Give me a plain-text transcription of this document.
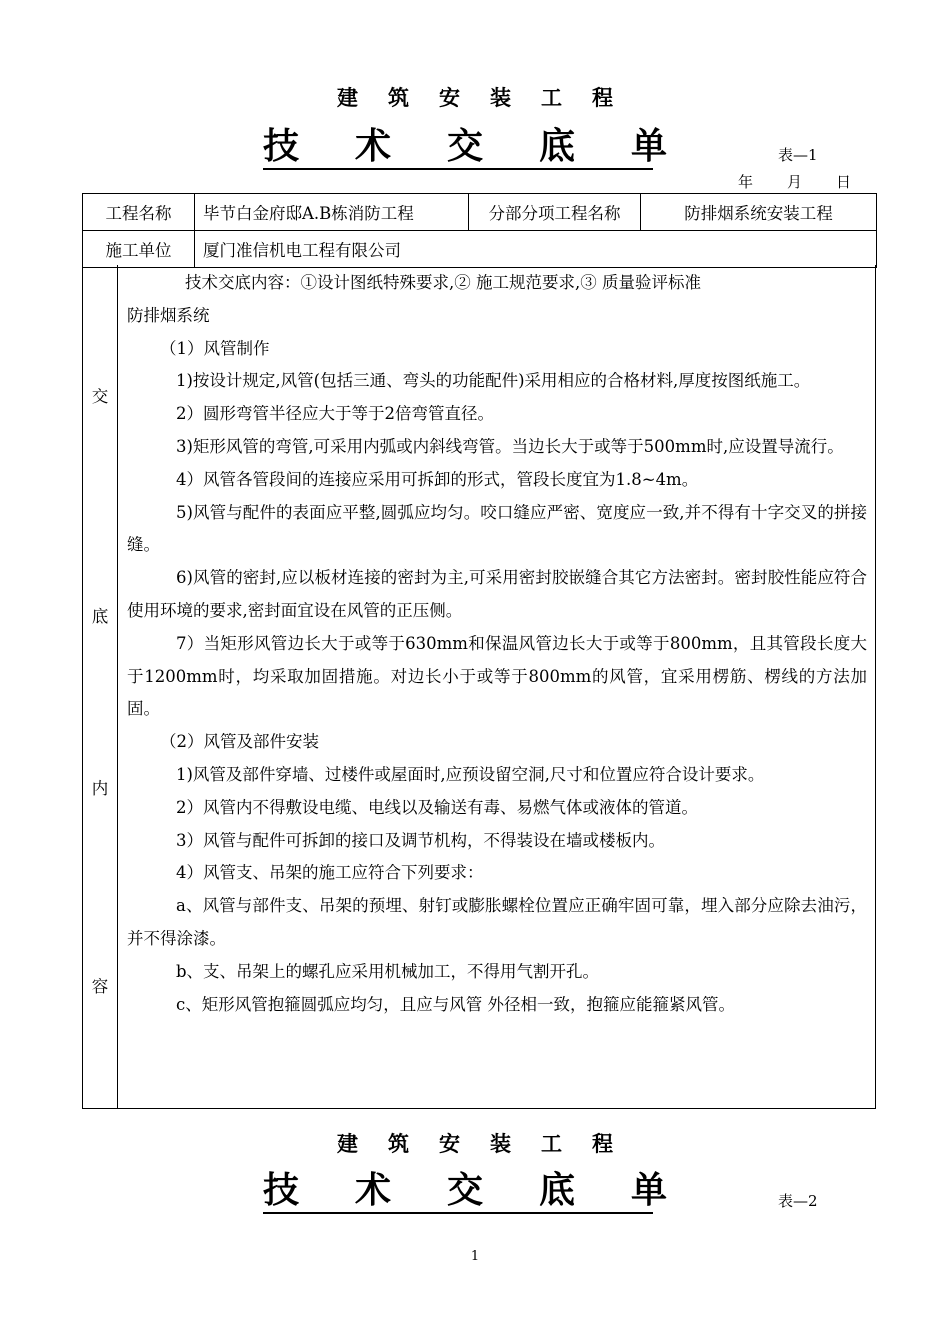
建筑安装工程
技术交底单	表—1
年 月 日
工程名称	毕节白金府邸A.B栋消防工程	分部分项工程名称	防排烟系统安装工程
施工单位	厦门准信机电工程有限公司		
交
底
内
容

技术交底内容：①设计图纸特殊要求,② 施工规范要求,③ 质量验评标准

防排烟系统

（1）风管制作

1)按设计规定,风管(包括三通、弯头的功能配件)采用相应的合格材料,厚度按图纸施工。

2）圆形弯管半径应大于等于2倍弯管直径。

3)矩形风管的弯管,可采用内弧或内斜线弯管。当边长大于或等于500mm时,应设置导流行。

4）风管各管段间的连接应采用可拆卸的形式，管段长度宜为1.8~4m。

5)风管与配件的表面应平整,圆弧应均匀。咬口缝应严密、宽度应一致,并不得有十字交叉的拼接缝。

6)风管的密封,应以板材连接的密封为主,可采用密封胶嵌缝合其它方法密封。密封胶性能应符合使用环境的要求,密封面宜设在风管的正压侧。

7）当矩形风管边长大于或等于630mm和保温风管边长大于或等于800mm，且其管段长度大于1200mm时，均采取加固措施。对边长小于或等于800mm的风管，宜采用楞筋、楞线的方法加固。

（2）风管及部件安装

1)风管及部件穿墙、过楼件或屋面时,应预设留空洞,尺寸和位置应符合设计要求。

2）风管内不得敷设电缆、电线以及输送有毒、易燃气体或液体的管道。

3）风管与配件可拆卸的接口及调节机构，不得装设在墙或楼板内。

4）风管支、吊架的施工应符合下列要求：

a、风管与部件支、吊架的预埋、射钉或膨胀螺栓位置应正确牢固可靠，埋入部分应除去油污，并不得涂漆。

b、支、吊架上的螺孔应采用机械加工，不得用气割开孔。

c、矩形风管抱箍圆弧应均匀，且应与风管 外径相一致，抱箍应能箍紧风管。

建筑安装工程
技术交底单	表—2
1
